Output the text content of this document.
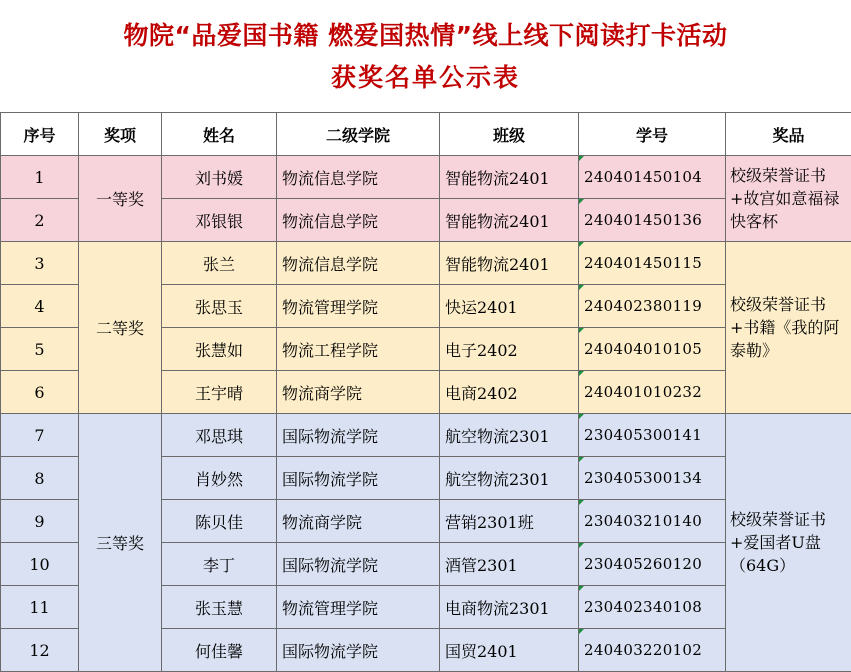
物院“品爱国书籍 燃爱国热情”线上线下阅读打卡活动
获奖名单公示表
序号	奖项	姓名	二级学院	班级	学号	奖品
1	一等奖	刘书媛	物流信息学院	智能物流2401	240401450104	校级荣誉证书+故宫如意福禄快客杯
2		邓银银	物流信息学院	智能物流2401	240401450136	
3	二等奖	张兰	物流信息学院	智能物流2401	240401450115	校级荣誉证书+书籍《我的阿泰勒》
4		张思玉	物流管理学院	快运2401	240402380119	
5		张慧如	物流工程学院	电子2402	240404010105	
6		王宇晴	物流商学院	电商2402	240401010232	
7	三等奖	邓思琪	国际物流学院	航空物流2301	230405300141	校级荣誉证书+爱国者U盘（64G）
8		肖妙然	国际物流学院	航空物流2301	230405300134	
9		陈贝佳	物流商学院	营销2301班	230403210140	
10		李丁	国际物流学院	酒管2301	230405260120	
11		张玉慧	物流管理学院	电商物流2301	230402340108	
12		何佳馨	国际物流学院	国贸2401	240403220102	
